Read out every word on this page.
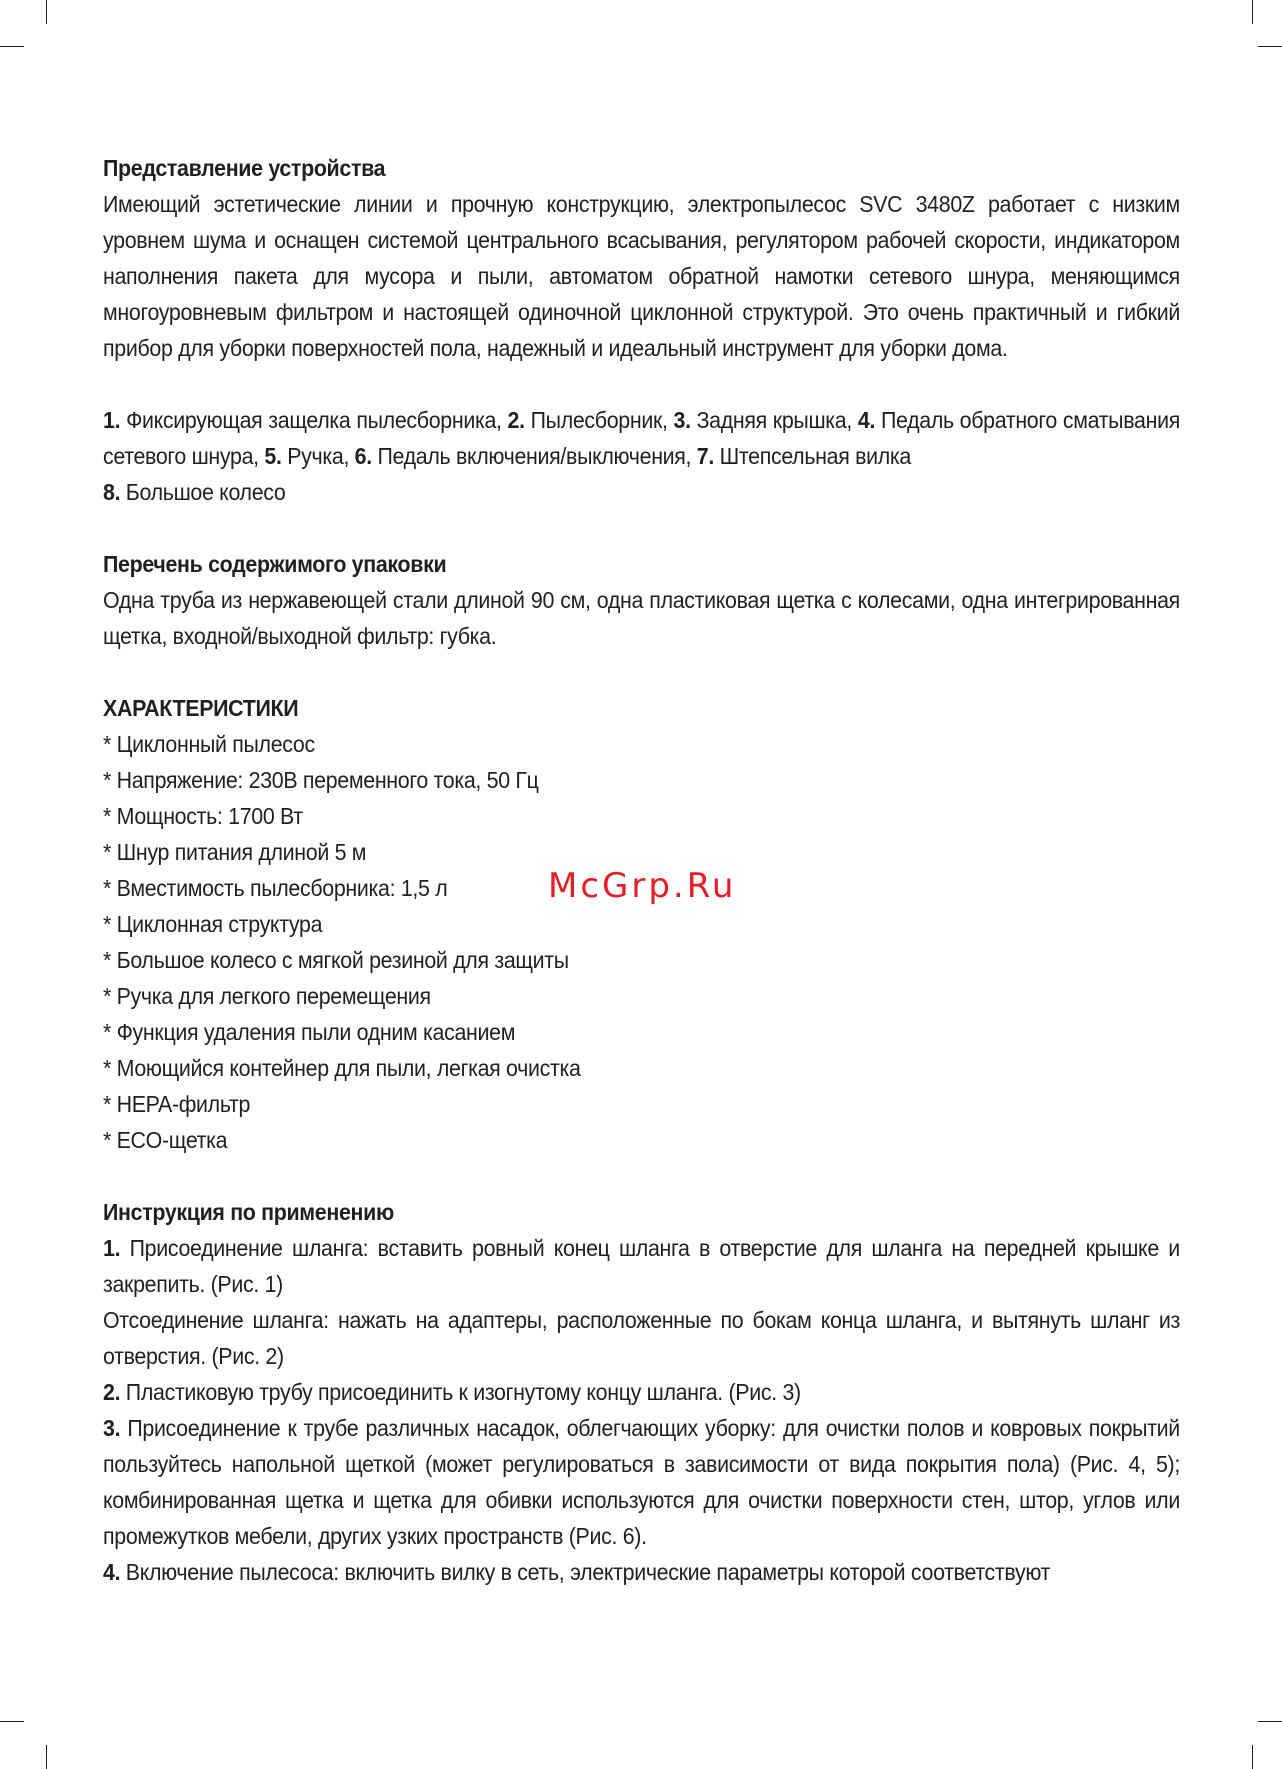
Представление устройства

Имеющий эстетические линии и прочную конструкцию, электропылесос SVC 3480Z работает с низким уровнем шума и оснащен системой центрального всасывания, регулятором рабочей скорости, индикатором наполнения пакета для мусора и пыли, автоматом обратной намотки сетевого шнура, меняющимся многоуровневым фильтром и настоящей одиночной циклонной структурой. Это очень практичный и гибкий прибор для уборки поверхностей пола, надежный и идеальный инструмент для уборки дома.

1. Фиксирующая защелка пылесборника, 2. Пылесборник, 3. Задняя крышка, 4. Педаль обратного сматывания сетевого шнура, 5. Ручка, 6. Педаль включения/выключения, 7. Штепсельная вилка
8. Большое колесо

Перечень содержимого упаковки

Одна труба из нержавеющей стали длиной 90 см, одна пластиковая щетка с колесами, одна интегрированная щетка, входной/выходной фильтр: губка.

ХАРАКТЕРИСТИКИ
* Циклонный пылесос
* Напряжение: 230В переменного тока, 50 Гц
* Мощность: 1700 Вт
* Шнур питания длиной 5 м
* Вместимость пылесборника: 1,5 л
* Циклонная структура
* Большое колесо с мягкой резиной для защиты
* Ручка для легкого перемещения
* Функция удаления пыли одним касанием
* Моющийся контейнер для пыли, легкая очистка
* HEPA-фильтр
* ECO-щетка
Инструкция по применению

1. Присоединение шланга: вставить ровный конец шланга в отверстие для шланга на передней крышке и закрепить. (Рис. 1)

Отсоединение шланга: нажать на адаптеры, расположенные по бокам конца шланга, и вытянуть шланг из отверстия. (Рис. 2)

2. Пластиковую трубу присоединить к изогнутому концу шланга. (Рис. 3)

3. Присоединение к трубе различных насадок, облегчающих уборку: для очистки полов и ковровых покрытий пользуйтесь напольной щеткой (может регулироваться в зависимости от вида покрытия пола) (Рис. 4, 5); комбинированная щетка и щетка для обивки используются для очистки поверхности стен, штор, углов или промежутков мебели, других узких пространств (Рис. 6).

4. Включение пылесоса: включить вилку в сеть, электрические параметры которой соответствуют

McGrp.Ru
